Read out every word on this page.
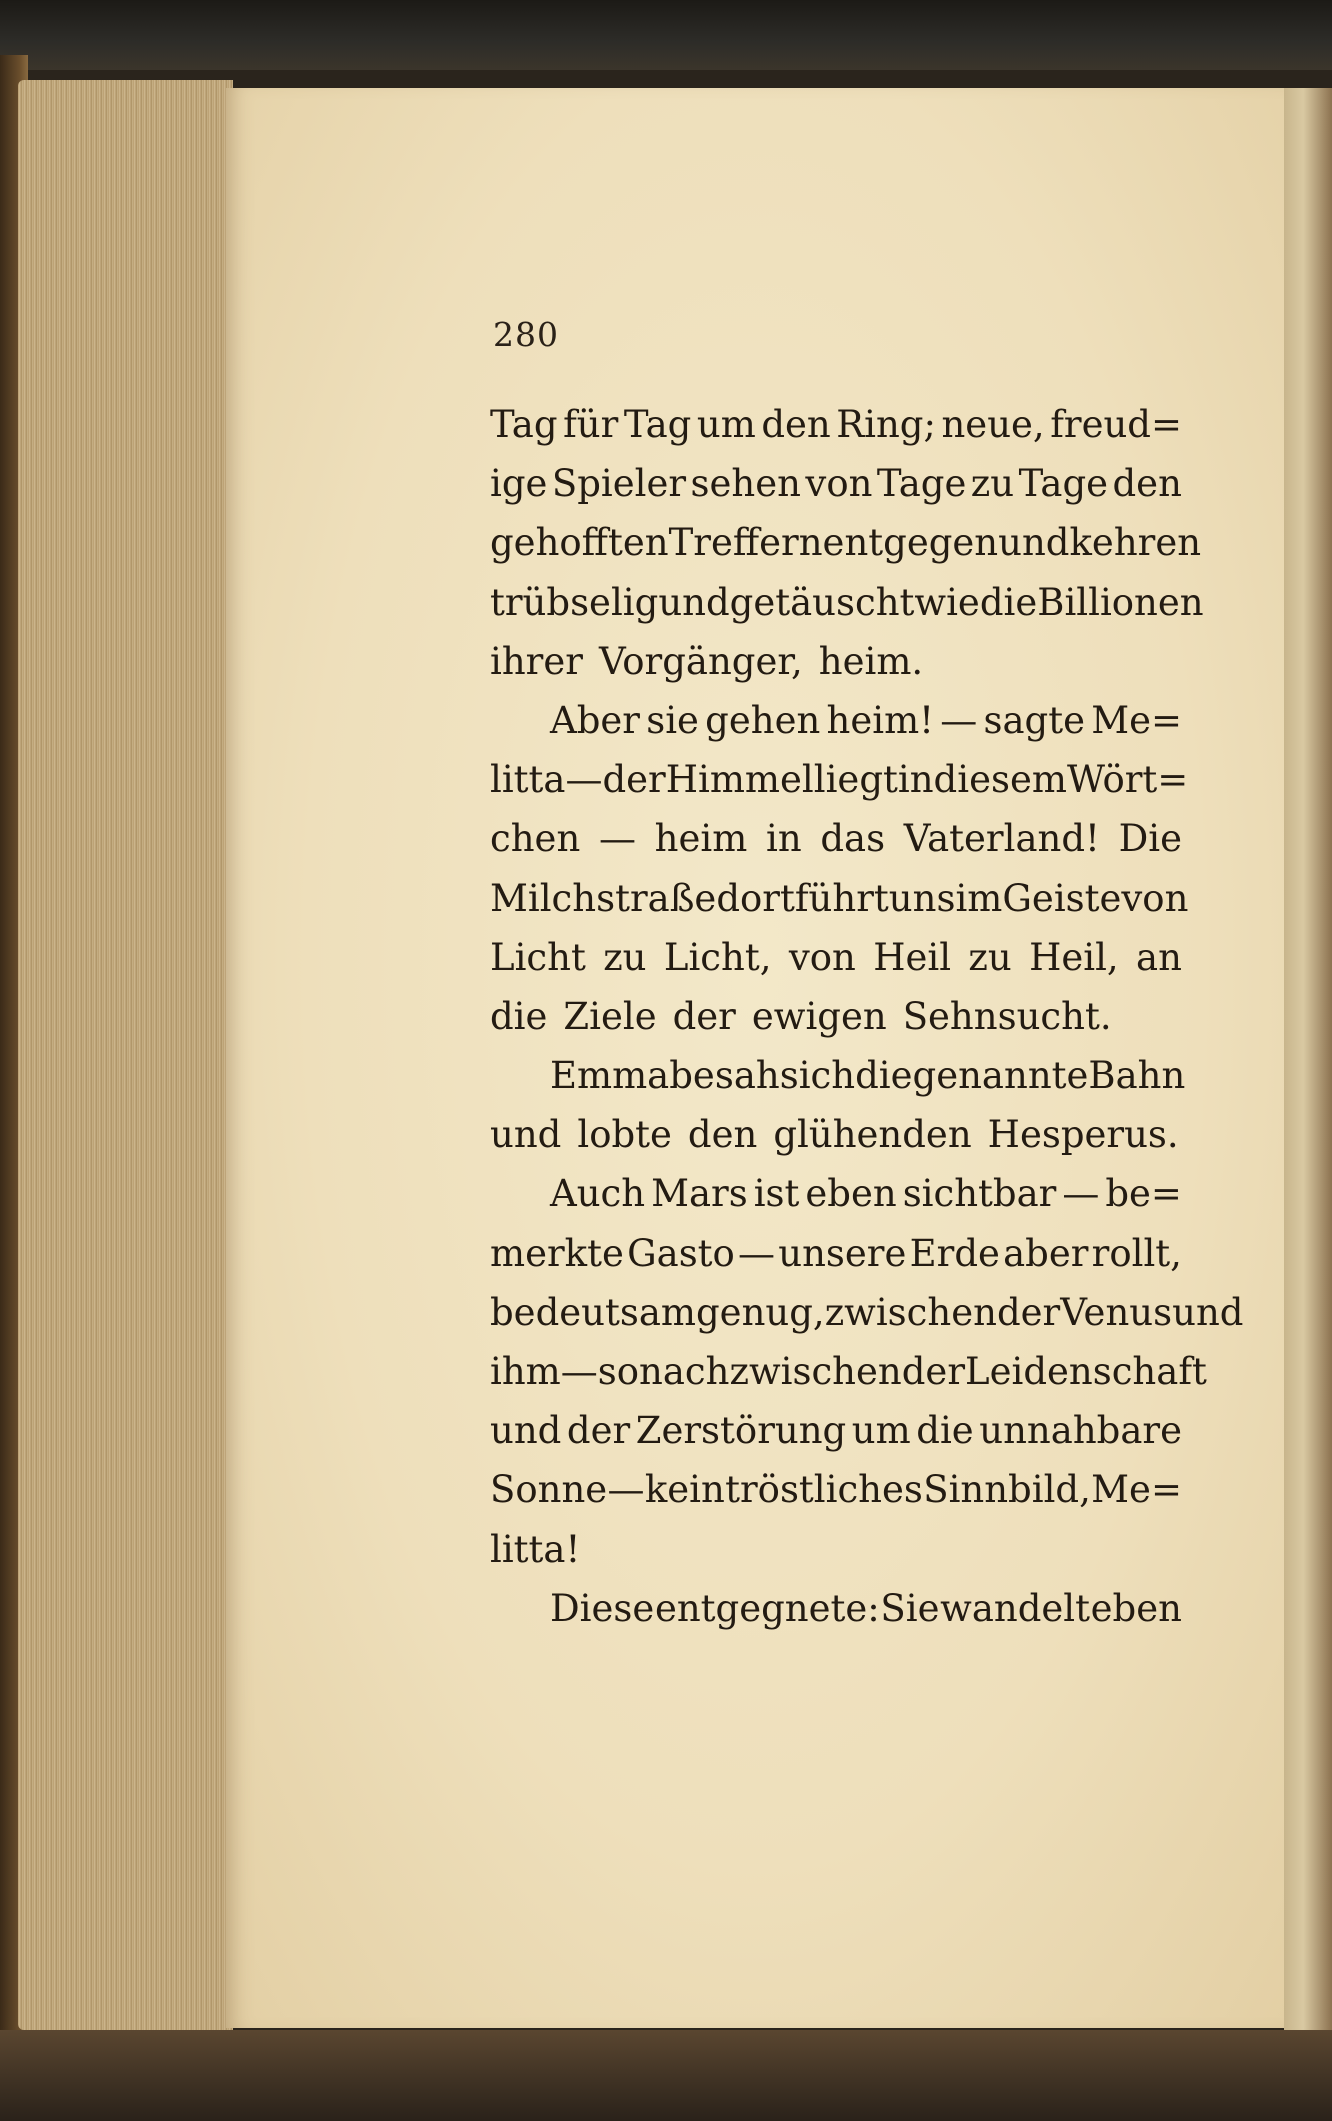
280
Tag für Tag um den Ring; neue, freud=
ige Spieler sehen von Tage zu Tage den
gehofften Treffern entgegen und kehren
trübselig und getäuscht wie die Billionen
ihrer Vorgänger, heim.
Aber sie gehen heim! — sagte Me=
litta — der Himmel liegt in diesem Wört=
chen — heim in das Vaterland! Die
Milchstraße dort führt uns im Geiste von
Licht zu Licht, von Heil zu Heil, an
die Ziele der ewigen Sehnsucht.
Emma besah sich die genannte Bahn
und lobte den glühenden Hesperus.
Auch Mars ist eben sichtbar — be=
merkte Gasto — unsere Erde aber rollt,
bedeutsam genug, zwischen der Venus und
ihm — sonach zwischen der Leidenschaft
und der Zerstörung um die unnahbare
Sonne — kein tröstliches Sinnbild, Me=
litta!
Diese entgegnete: Sie wandelt eben
